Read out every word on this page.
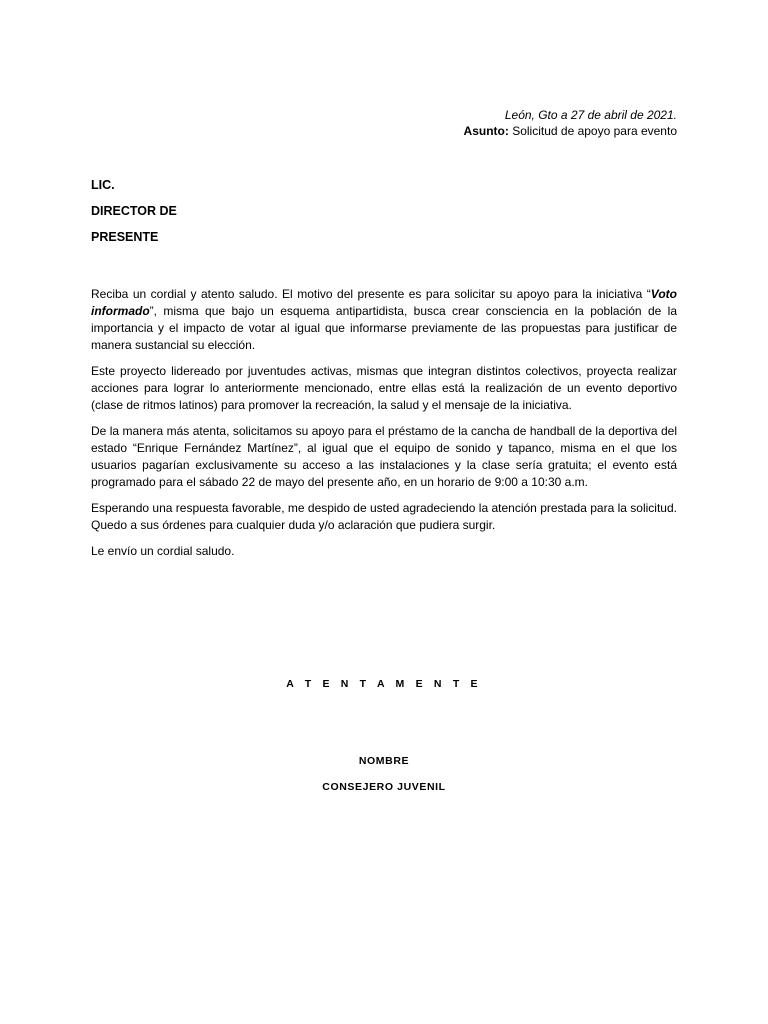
León, Gto a 27 de abril de 2021.
Asunto: Solicitud de apoyo para evento
LIC.
DIRECTOR DE
PRESENTE

Reciba un cordial y atento saludo. El motivo del presente es para solicitar su apoyo para la iniciativa “Voto informado”, misma que bajo un esquema antipartidista, busca crear consciencia en la población de la importancia y el impacto de votar al igual que informarse previamente de las propuestas para justificar de manera sustancial su elección.

Este proyecto lidereado por juventudes activas, mismas que integran distintos colectivos, proyecta realizar acciones para lograr lo anteriormente mencionado, entre ellas está la realización de un evento deportivo (clase de ritmos latinos) para promover la recreación, la salud y el mensaje de la iniciativa.

De la manera más atenta, solicitamos su apoyo para el préstamo de la cancha de handball de la deportiva del estado “Enrique Fernández Martínez”, al igual que el equipo de sonido y tapanco, misma en el que los usuarios pagarían exclusivamente su acceso a las instalaciones y la clase sería gratuita; el evento está programado para el sábado 22 de mayo del presente año, en un horario de 9:00 a 10:30 a.m.

Esperando una respuesta favorable, me despido de usted agradeciendo la atención prestada para la solicitud. Quedo a sus órdenes para cualquier duda y/o aclaración que pudiera surgir.

Le envío un cordial saludo.

A T E N T A M E N T E
NOMBRE
CONSEJERO JUVENIL
